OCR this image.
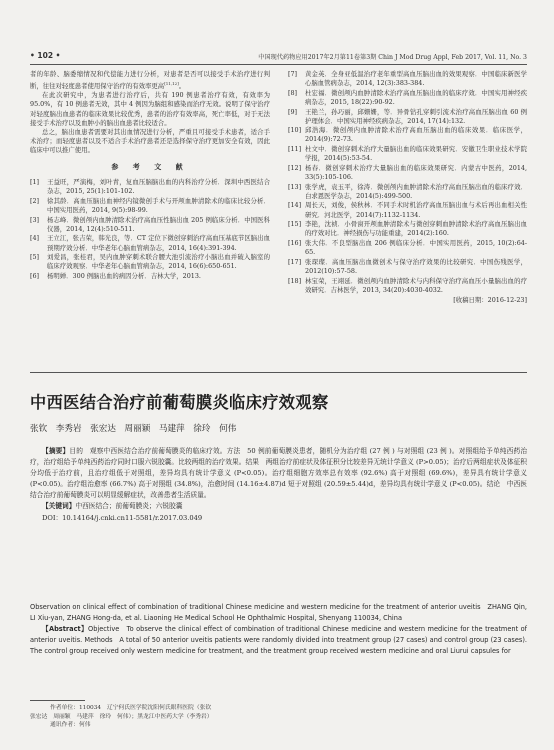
• 102 •	中国现代药物应用2017年2月第11卷第3期 Chin J Mod Drug Appl, Feb 2017, Vol. 11, No. 3

者的年龄、脑委缩情况和代偿能力进行分析，对患者是否可以接受手术治疗进行判断，往往对轻度患者使用保守治疗的有效率更高[11,12]。

在此次研究中，为患者进行治疗后，共有 190 例患者治疗有效，有效率为 95.0%，有 10 例患者无效，其中 4 例因为脑组和感染而治疗无效。说明了保守治疗对轻度脑出血患者的临床效果比较优秀，患者的治疗有效率高，死亡率低，对于无法接受手术治疗以及血肿小的脑出血患者比较适合。

总之，脑出血患者需要对其出血情况进行分析，严重且可接受手术患者，适合手术治疗；而轻度患者以及不适合手术治疗患者还是选择保守治疗更加安全有效，因此临床中可以推广使用。

参 考 文 献
[1] 王益旺，严演梅，刘叶青，复血压脑脑出血的内科治疗分析．深圳中西医结合杂志，2015, 25(1):101-102.
[2] 徐其龄．高血压脑出血神经内镜微创手术与开颅血肿清除术的临床比较分析．中国实用医药，2014, 9(5):98-99.
[3] 杨志峰．微创颅内血肿清除术治疗高血压性脑出血 205 例临床分析．中国医科仪器，2014, 12(4):510-511.
[4] 王立江，张吉荣，韩光良，等．CT 定位下微创穿刺治疗高血压基底节区脑出血预期疗效分析．中华老年心脑血管病杂志，2014, 16(4):391-394.
[5] 刘爱昌，张桂君，吴内血肿穿刺术联合腰大池引流治疗小脑出血并破入脑室的临床疗效观察．中华老年心脑血管病杂志，2014, 16(6):650-651.
[6] 杨明婵．300 例脑出血的病因分析．吉林大学，2013.
[7] 黄金英．全身亚低温治疗老年重型高血压脑出血的效果观察．中国临床新医学心脑血管病杂志，2014, 12(3):383-384.
[8] 杜宏福．微创颅内血肿清除术治疗高血压脑出血的临床疗效．中国实用神经疾病杂志，2015, 18(22):90-92.
[9] 王艳兰，孙巧丽，邱姗姗，等．异骨钻孔穿刺引流术治疗高血压脑出血 60 例护理体会．中国实用神经疾病杂志，2014, 17(14):132.
[10] 邱浩海．微创颅内血肿清除术治疗高血压脑出血的临床效果．临床医学，2014(9):72-73.
[11] 杜文中．微创穿刺术治疗大量脑出血的临床效果研究．安徽卫生职业技术学院学报，2014(5):53-54.
[12] 杨春．微创穿刺术治疗大量脑出血的临床效果研究．内蒙古中医药，2014, 33(5):105-106.
[13] 张学虎，袁玉平，徐涛．微创颅内血肿清除术治疗高血压脑出血的临床疗效．白求恩医学杂志，2014(5):499-500.
[14] 周长天，刘俊，侯秋林．不同手术时机治疗高血压脑出血与术后再出血相关性研究．河北医学，2014(7):1132-1134.
[15] 李艳，沈祯．小骨窗开颅血肿清除术与微创穿刺血肿清除术治疗高血压脑出血的疗效对比．神经损伤与功能重建，2014(2):160.
[16] 张大伟．不良型脑出血 206 例临床分析．中国实用医药，2015, 10(2):64-65.
[17] 张琛璨．高血压脑出血微创术与保守治疗效果的比较研究．中国伤残医学，2012(10):57-58.
[18] 林宝荣，王翊延．微创颅内血肿清除术与内科保守治疗高血压小量脑出血的疗效研究．吉林医学，2013, 34(20):4030-4032.
[收稿日期：2016-12-23]
中西医结合治疗前葡萄膜炎临床疗效观察
张钦　李秀岩　张宏达　周丽颖　马建萍　徐玲　何伟

【摘要】目的　观察中西医结合治疗前葡萄膜炎的临床疗效。方法　50 例前葡萄膜炎患者，随机分为治疗组 (27 例 ) 与对照组 (23 例 )。对照组给予单纯西药治疗，治疗组给予单纯西药治疗同时口服六锐胶囊。比较两组的治疗效果。结果　两组治疗前症状及体征积分比较差异无统计学意义 (P>0.05)；治疗后两组症状及体征积分均低于治疗前，且治疗组低于对照组，差异均具有统计学意义 (P<0.05)。治疗组细胞方效率总有效率 (92.6%) 高于对照组 (69.6%)，差异具有统计学意义 (P<0.05)。治疗组治愈率 (66.7%) 高于对照组 (34.8%)，治愈时间 (14.16±4.87)d 短于对照组 (20.59±5.44)d，差异均具有统计学意义 (P<0.05)。结论　中西医结合治疗前葡萄膜炎可以明显缓解症状，改善患者生活质量。

【关键词】中西医结合；前葡萄膜炎；六锐胶囊

DOI：10.14164/j.cnki.cn11-5581/r.2017.03.049

Observation on clinical effect of combination of traditional Chinese medicine and western medicine for the treatment of anterior uveitis　ZHANG Qin, LI Xiu-yan, ZHANG Hong-da, et al. Liaoning He Medical School He Ophthalmic Hospital, Shenyang 110034, China

【Abstract】Objective　To observe the clinical effect of combination of traditional Chinese medicine and western medicine for the treatment of anterior uveitis. Methods　A total of 50 anterior uveitis patients were randomly divided into treatment group (27 cases) and control group (23 cases). The control group received only western medicine for treatment, and the treatment group received western medicine and oral Liurui capsules for

作者单位：110034　辽宁何氏医学院沈阳何氏眼科医院（张钦
张宏达　周丽颖　马建萍　徐玲　何伟）；黑龙江中医药大学（李秀岩）
通讯作者：何伟
